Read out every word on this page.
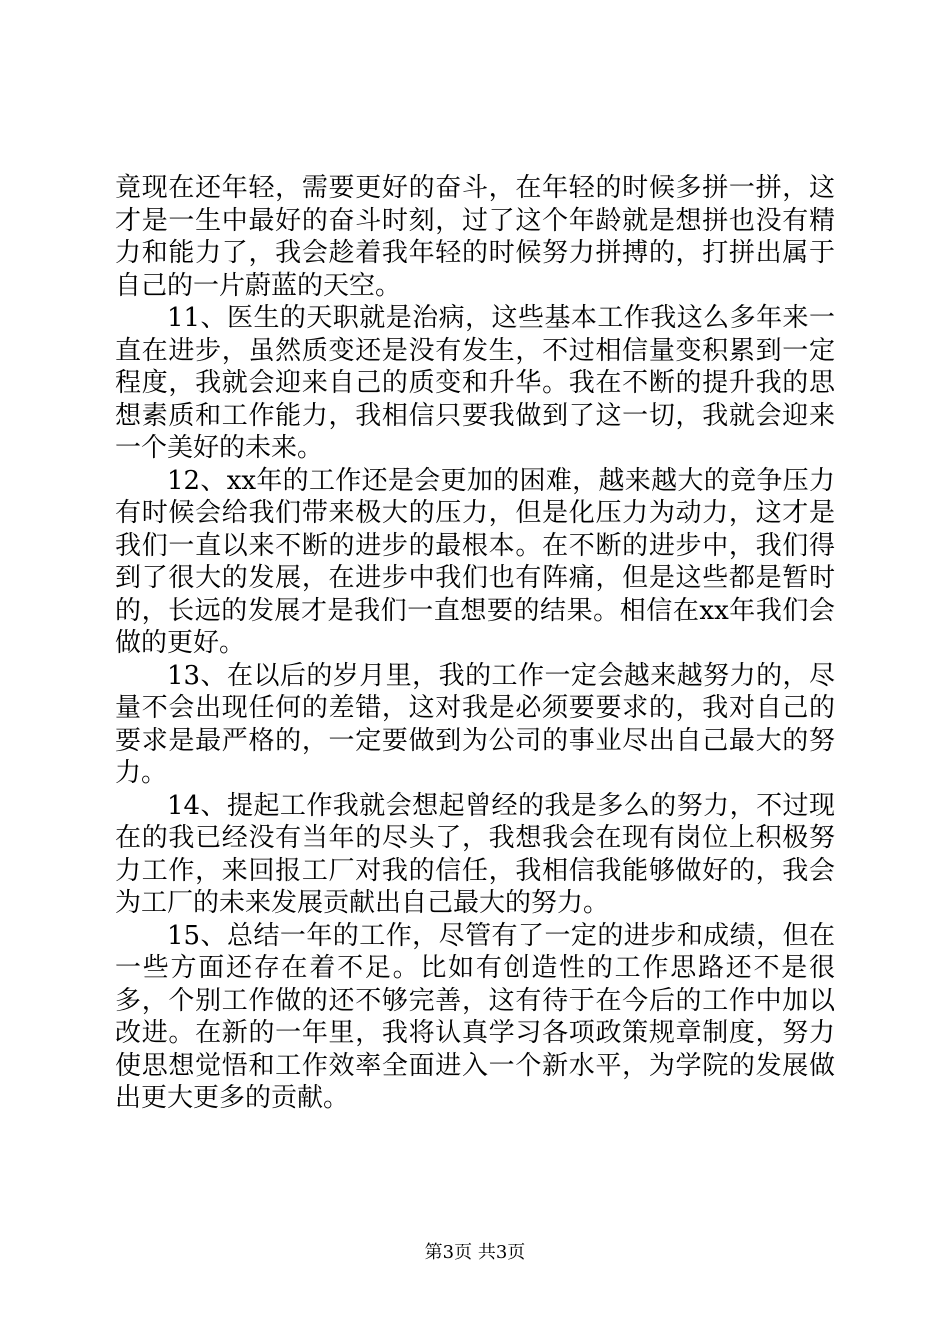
竟现在还年轻，需要更好的奋斗，在年轻的时候多拼一拼，这才是一生中最好的奋斗时刻，过了这个年龄就是想拼也没有精力和能力了，我会趁着我年轻的时候努力拼搏的，打拼出属于自己的一片蔚蓝的天空。

11、医生的天职就是治病，这些基本工作我这么多年来一直在进步，虽然质变还是没有发生，不过相信量变积累到一定程度，我就会迎来自己的质变和升华。我在不断的提升我的思想素质和工作能力，我相信只要我做到了这一切，我就会迎来一个美好的未来。

12、xx年的工作还是会更加的困难，越来越大的竞争压力有时候会给我们带来极大的压力，但是化压力为动力，这才是我们一直以来不断的进步的最根本。在不断的进步中，我们得到了很大的发展，在进步中我们也有阵痛，但是这些都是暂时的，长远的发展才是我们一直想要的结果。相信在xx年我们会做的更好。

13、在以后的岁月里，我的工作一定会越来越努力的，尽量不会出现任何的差错，这对我是必须要要求的，我对自己的要求是最严格的，一定要做到为公司的事业尽出自己最大的努力。

14、提起工作我就会想起曾经的我是多么的努力，不过现在的我已经没有当年的尽头了，我想我会在现有岗位上积极努力工作，来回报工厂对我的信任，我相信我能够做好的，我会为工厂的未来发展贡献出自己最大的努力。

15、总结一年的工作，尽管有了一定的进步和成绩，但在一些方面还存在着不足。比如有创造性的工作思路还不是很多，个别工作做的还不够完善，这有待于在今后的工作中加以改进。在新的一年里，我将认真学习各项政策规章制度，努力使思想觉悟和工作效率全面进入一个新水平，为学院的发展做出更大更多的贡献。

第3页 共3页
